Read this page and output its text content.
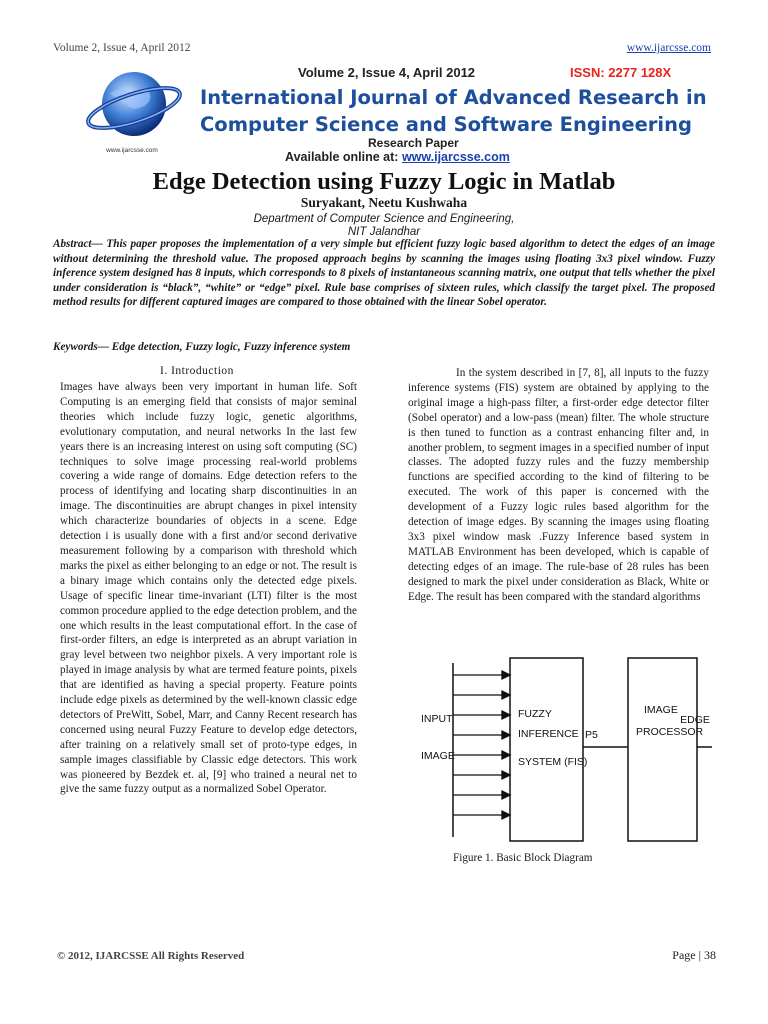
Volume 2, Issue 4, April 2012	www.ijarcsse.com
www.ijarcsse.com
Volume 2, Issue 4, April 2012	ISSN: 2277 128X
International Journal of Advanced Research in
Computer Science and Software Engineering
Research Paper
Available online at: www.ijarcsse.com
Edge Detection using Fuzzy Logic in Matlab
Suryakant, Neetu Kushwaha
Department of Computer Science and Engineering,
NIT Jalandhar
Abstract— This paper proposes the implementation of a very simple but efficient fuzzy logic based algorithm to detect the edges of an image without determining the threshold value. The proposed approach begins by scanning the images using floating 3x3 pixel window. Fuzzy inference system designed has 8 inputs, which corresponds to 8 pixels of instantaneous scanning matrix, one output that tells whether the pixel under consideration is “black”, “white” or “edge” pixel. Rule base comprises of sixteen rules, which classify the target pixel. The proposed method results for different captured images are compared to those obtained with the linear Sobel operator.
Keywords— Edge detection, Fuzzy logic, Fuzzy inference system
I. Introduction
Images have always been very important in human life. Soft Computing is an emerging field that consists of major seminal theories which include fuzzy logic, genetic algorithms, evolutionary computation, and neural networks In the last few years there is an increasing interest on using soft computing (SC) techniques to solve image processing real-world problems covering a wide range of domains. Edge detection refers to the process of identifying and locating sharp discontinuities in an image. The discontinuities are abrupt changes in pixel intensity which characterize boundaries of objects in a scene. Edge detection i is usually done with a first and/or second derivative measurement following by a comparison with threshold which marks the pixel as either belonging to an edge or not. The result is a binary image which contains only the detected edge pixels. Usage of specific linear time-invariant (LTI) filter is the most common procedure applied to the edge detection problem, and the one which results in the least computational effort. In the case of first-order filters, an edge is interpreted as an abrupt variation in gray level between two neighbor pixels. A very important role is played in image analysis by what are termed feature points, pixels that are identified as having a special property. Feature points include edge pixels as determined by the well-known classic edge detectors of PreWitt, Sobel, Marr, and Canny Recent research has concerned using neural Fuzzy Feature to develop edge detectors, after training on a relatively small set of proto-type edges, in sample images classifiable by Classic edge detectors. This work was pioneered by Bezdek et. al, [9] who trained a neural net to give the same fuzzy output as a normalized Sobel Operator.
In the system described in [7, 8], all inputs to the fuzzy inference systems (FIS) system are obtained by applying to the original image a high-pass filter, a first-order edge detector filter (Sobel operator) and a low-pass (mean) filter. The whole structure is then tuned to function as a contrast enhancing filter and, in another problem, to segment images in a specified number of input classes. The adopted fuzzy rules and the fuzzy membership functions are specified according to the kind of filtering to be executed. The work of this paper is concerned with the development of a Fuzzy logic rules based algorithm for the detection of image edges. By scanning the images using floating 3x3 pixel window mask .Fuzzy Inference based system in MATLAB Environment has been developed, which is capable of detecting edges of an image. The rule-base of 28 rules has been designed to mark the pixel under consideration as Black, White or Edge. The result has been compared with the standard algorithms
INPUT
IMAGE
FUZZY
INFERENCE
SYSTEM (FIS)
P5
IMAGE
PROCESSOR
EDGE
Figure 1. Basic Block Diagram
© 2012, IJARCSSE All Rights Reserved	Page | 38
